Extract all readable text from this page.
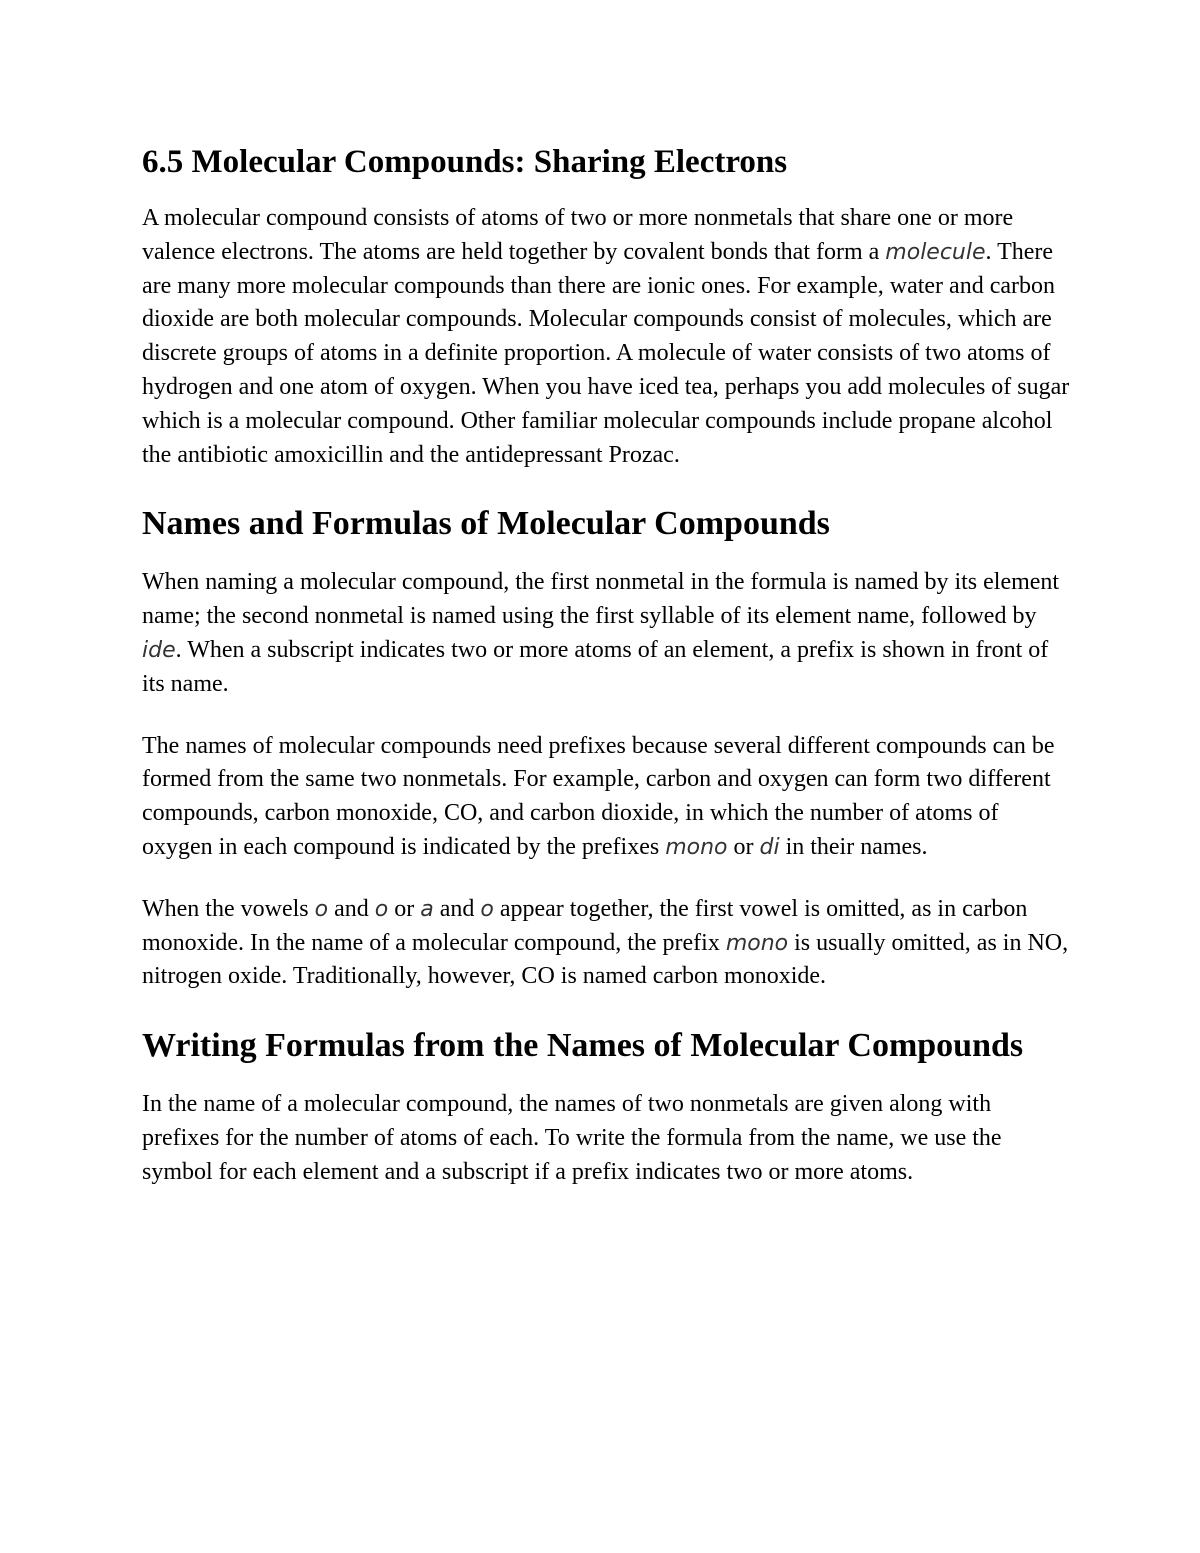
6.5 Molecular Compounds: Sharing Electrons

A molecular compound consists of atoms of two or more nonmetals that share one or more valence electrons. The atoms are held together by covalent bonds that form a molecule. There are many more molecular compounds than there are ionic ones. For example, water and carbon dioxide are both molecular compounds. Molecular compounds consist of molecules, which are discrete groups of atoms in a definite proportion. A molecule of water consists of two atoms of hydrogen and one atom of oxygen. When you have iced tea, perhaps you add molecules of sugar which is a molecular compound. Other familiar molecular compounds include propane alcohol the antibiotic amoxicillin and the antidepressant Prozac.

Names and Formulas of Molecular Compounds

When naming a molecular compound, the first nonmetal in the formula is named by its element name; the second nonmetal is named using the first syllable of its element name, followed by ide. When a subscript indicates two or more atoms of an element, a prefix is shown in front of its name.

The names of molecular compounds need prefixes because several different compounds can be formed from the same two nonmetals. For example, carbon and oxygen can form two different compounds, carbon monoxide, CO, and carbon dioxide, in which the number of atoms of oxygen in each compound is indicated by the prefixes mono or di in their names.

When the vowels o and o or a and o appear together, the first vowel is omitted, as in carbon monoxide. In the name of a molecular compound, the prefix mono is usually omitted, as in NO, nitrogen oxide. Traditionally, however, CO is named carbon monoxide.

Writing Formulas from the Names of Molecular Compounds

In the name of a molecular compound, the names of two nonmetals are given along with prefixes for the number of atoms of each. To write the formula from the name, we use the symbol for each element and a subscript if a prefix indicates two or more atoms.
